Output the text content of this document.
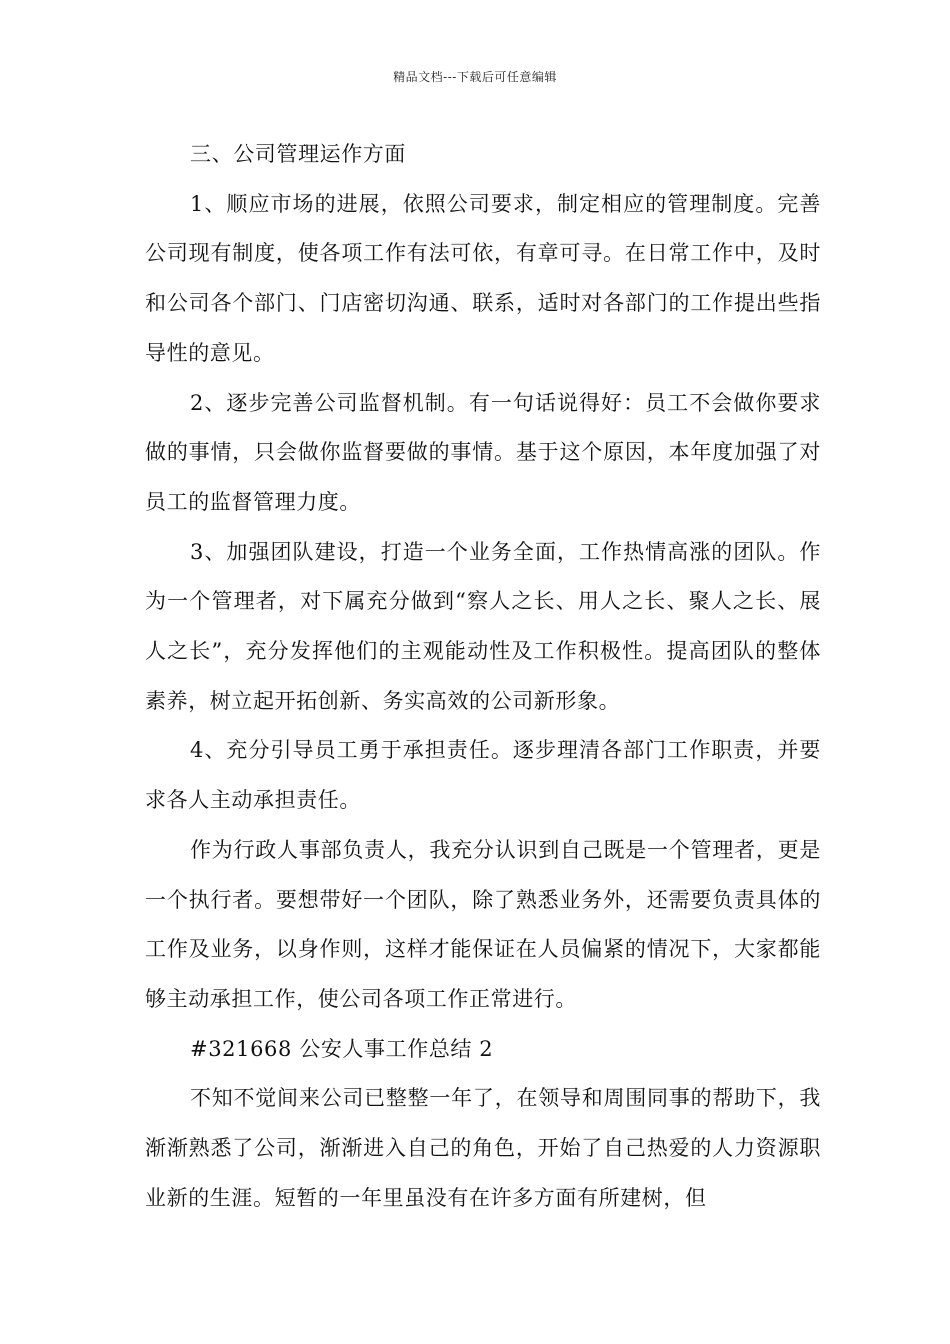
精品文档---下载后可任意编辑

三、公司管理运作方面

1、顺应市场的进展，依照公司要求，制定相应的管理制度。完善公司现有制度，使各项工作有法可依，有章可寻。在日常工作中，及时和公司各个部门、门店密切沟通、联系，适时对各部门的工作提出些指导性的意见。

2、逐步完善公司监督机制。有一句话说得好：员工不会做你要求做的事情，只会做你监督要做的事情。基于这个原因，本年度加强了对员工的监督管理力度。

3、加强团队建设，打造一个业务全面，工作热情高涨的团队。作为一个管理者，对下属充分做到“察人之长、用人之长、聚人之长、展人之长”，充分发挥他们的主观能动性及工作积极性。提高团队的整体素养，树立起开拓创新、务实高效的公司新形象。

4、充分引导员工勇于承担责任。逐步理清各部门工作职责，并要求各人主动承担责任。

作为行政人事部负责人，我充分认识到自己既是一个管理者，更是一个执行者。要想带好一个团队，除了熟悉业务外，还需要负责具体的工作及业务，以身作则，这样才能保证在人员偏紧的情况下，大家都能够主动承担工作，使公司各项工作正常进行。

#321668 公安人事工作总结 2

不知不觉间来公司已整整一年了，在领导和周围同事的帮助下，我渐渐熟悉了公司，渐渐进入自己的角色，开始了自己热爱的人力资源职业新的生涯。短暂的一年里虽没有在许多方面有所建树，但
